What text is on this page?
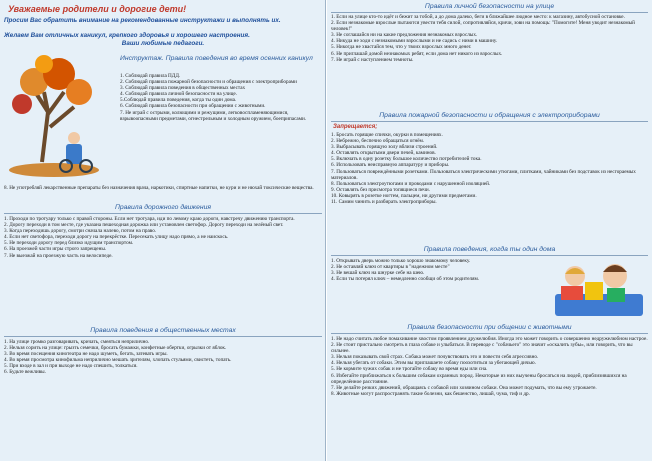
Уважаемые родители и дорогие дети!
Просим Вас обратить внимание на рекомендованные инструктажи и выполнять их.
Желаем Вам отличных каникул, крепкого здоровья и хорошего настроения.
Ваши любимые педагоги.
Инструктаж. Правила поведения во время осенних каникул
1. Соблюдай правила ПДД.
2. Соблюдай правила пожарной безопасности и обращения с электроприборами
3. Соблюдай правила поведения в общественных местах
4. Соблюдай правила личной безопасности на улице.
5.Соблюдай правила поведения, когда ты один дома.
6. Соблюдай правила безопасности при обращении с животными.
7. Не играй с острыми, колющими и режущими, легковоспламеняющимися, взрывоопасными предметами, огнестрельным и холодным оружием, боеприпасами.
8. Не употребляй лекарственные препараты без назначения врача, наркотики, спиртные напитки, не кури и не нюхай токсические вещества.
Правила дорожного движения
1. Проходи по тротуару только с правой стороны. Если нет тротуара, иди по левому краю дороги, навстречу движению транспорта.
2. Дорогу переходи в том месте, где указана пешеходная дорожка или установлен светофор. Дорогу переходи на зелёный свет.
3. Когда переходишь дорогу, смотри сначала налево, потом на право.
4. Если нет светофора, переходи дорогу на перекрёстке. Пересекать улицу надо прямо, а не наискось.
5. Не переходи дорогу перед близко идущим транспортом.
6. На проезжей части игры строго запрещены.
7. Не выезжай на проезжую часть на велосипеде.
Правила поведения в общественных местах
1. На улице громко разговаривать, кричать, смеяться неприлично.
2. Нельзя сорить на улице: грызть семечки, бросать бумажки, конфетные обертки, огрызки от яблок.
3. Во время посещения кинотеатра не надо шуметь, бегать, затевать игры.
4. Во время просмотра кинофильма неприлично мешать зрителям, хлопать стульями, свистеть, топать.
5. При входе в зал и при выходе не надо спешить, толкаться.
6. Будьте вежливы.
Правила личной безопасности на улице
1. Если на улице кто-то идёт и бежит за тобой, а до дома далеко, беги в ближайшее людное место: к магазину, автобусной остановке.
2. Если незнакомые взрослые пытаются увести тебя силой, сопротивляйся, кричи, зови на помощь: "Помогите! Меня уводит незнакомый человек!"
3. Не соглашайся ни на какие предложения незнакомых взрослых.
4. Никуда не ходи с незнакомыми взрослыми и не садись с ними в машину.
5. Никогда не хвастайся тем, что у твоих взрослых много денег.
6. Не приглашай домой незнакомых ребят, если дома нет никого из взрослых.
7. Не играй с наступлением темноты.
Правила пожарной безопасности и обращения с электроприборами
Запрещается;
1. Бросать горящие спички, окурки в помещениях.
2. Небрежно, беспечно обращаться огнём.
3. Выбрасывать горящую золу вблизи строений.
4. Оставлять открытыми двери печей, каминов.
5. Включать в одну розетку большое количество потребителей тока.
6. Использовать неисправную аппаратуру и приборы.
7. Пользоваться повреждёнными розетками. Пользоваться электрическими утюгами, плитками, чайниками без подставок из несгораемых материалов.
8. Пользоваться электроутюгами и проводами с нарушенной изоляцией.
9. Оставлять без присмотра топящиеся печи.
10. Ковырять в розетке ногтем, пальцем, ни другими предметами.
11. Самим чинить и разбирать электроприборы.
Правила поведения, когда ты один дома
1. Открывать дверь можно только хорошо знакомому человеку.
2. Не оставляй ключ от квартиры в "надежном месте"
3. Не вешай ключ на шнурке себе на шею.
4. Если ты потерял ключ – немедленно сообщи об этом родителям.
Правила безопасности при общении с животными
1. Не надо считать любое помахивание хвостом проявлением дружелюбия. Иногда это может говорить о совершенно недружелюбном настрое.
2. Не стоит пристально смотреть в глаза собаке и улыбаться. В переводе с "собачьего" это значит «оскалить зубы», или говорить, что вы сильнее.
3. Нельзя показывать свой страх. Собака может почувствовать это и повести себя агрессивно.
4. Нельзя убегать от собаки. Этим вы приглашаете собаку поохотиться за убегающей дичью.
5. Не кормите чужих собак и не трогайте собаку во время еды или сна.
6. Избегайте приближаться к большим собакам охранных пород. Некоторые из них выучены бросаться на людей, приблизившихся на определённое расстояние.
7. Не делайте резких движений, обращаясь с собакой или хозяином собаки. Она может подумать, что вы ему угрожаете.
8. Животные могут распространять такие болезни, как бешенство, лишай, чума, тиф и др.
